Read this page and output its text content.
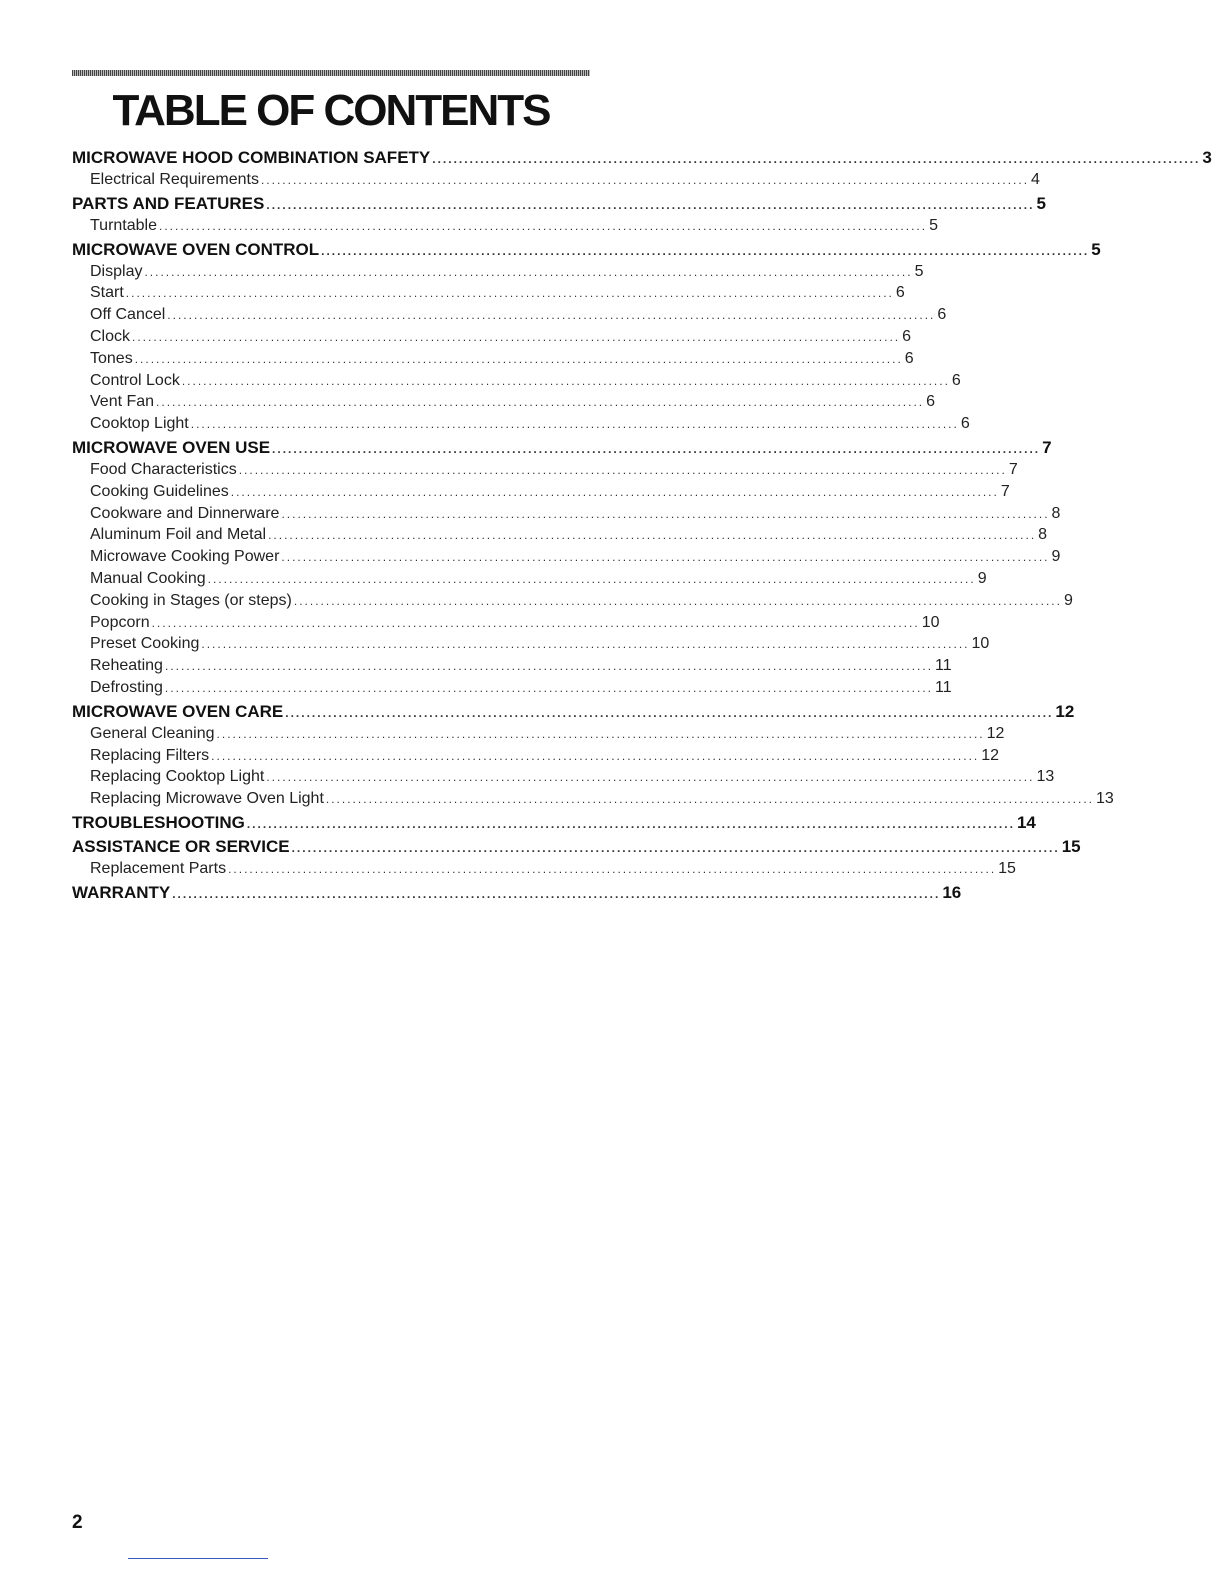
TABLE OF CONTENTS
MICROWAVE HOOD COMBINATION SAFETY ................................................................................................................................................ 3
Electrical Requirements ................................................................................................................................................ 4
PARTS AND FEATURES ................................................................................................................................................ 5
Turntable ................................................................................................................................................ 5
MICROWAVE OVEN CONTROL ................................................................................................................................................ 5
Display ................................................................................................................................................ 5
Start ................................................................................................................................................ 6
Off Cancel ................................................................................................................................................ 6
Clock ................................................................................................................................................ 6
Tones ................................................................................................................................................ 6
Control Lock ................................................................................................................................................ 6
Vent Fan ................................................................................................................................................ 6
Cooktop Light ................................................................................................................................................ 6
MICROWAVE OVEN USE ................................................................................................................................................ 7
Food Characteristics ................................................................................................................................................ 7
Cooking Guidelines ................................................................................................................................................ 7
Cookware and Dinnerware ................................................................................................................................................ 8
Aluminum Foil and Metal ................................................................................................................................................ 8
Microwave Cooking Power ................................................................................................................................................ 9
Manual Cooking ................................................................................................................................................ 9
Cooking in Stages (or steps) ................................................................................................................................................ 9
Popcorn ................................................................................................................................................ 10
Preset Cooking ................................................................................................................................................ 10
Reheating ................................................................................................................................................ 11
Defrosting ................................................................................................................................................ 11
MICROWAVE OVEN CARE ................................................................................................................................................ 12
General Cleaning ................................................................................................................................................ 12
Replacing Filters ................................................................................................................................................ 12
Replacing Cooktop Light ................................................................................................................................................ 13
Replacing Microwave Oven Light ................................................................................................................................................ 13
TROUBLESHOOTING ................................................................................................................................................ 14
ASSISTANCE OR SERVICE ................................................................................................................................................ 15
Replacement Parts ................................................................................................................................................ 15
WARRANTY ................................................................................................................................................ 16
2
